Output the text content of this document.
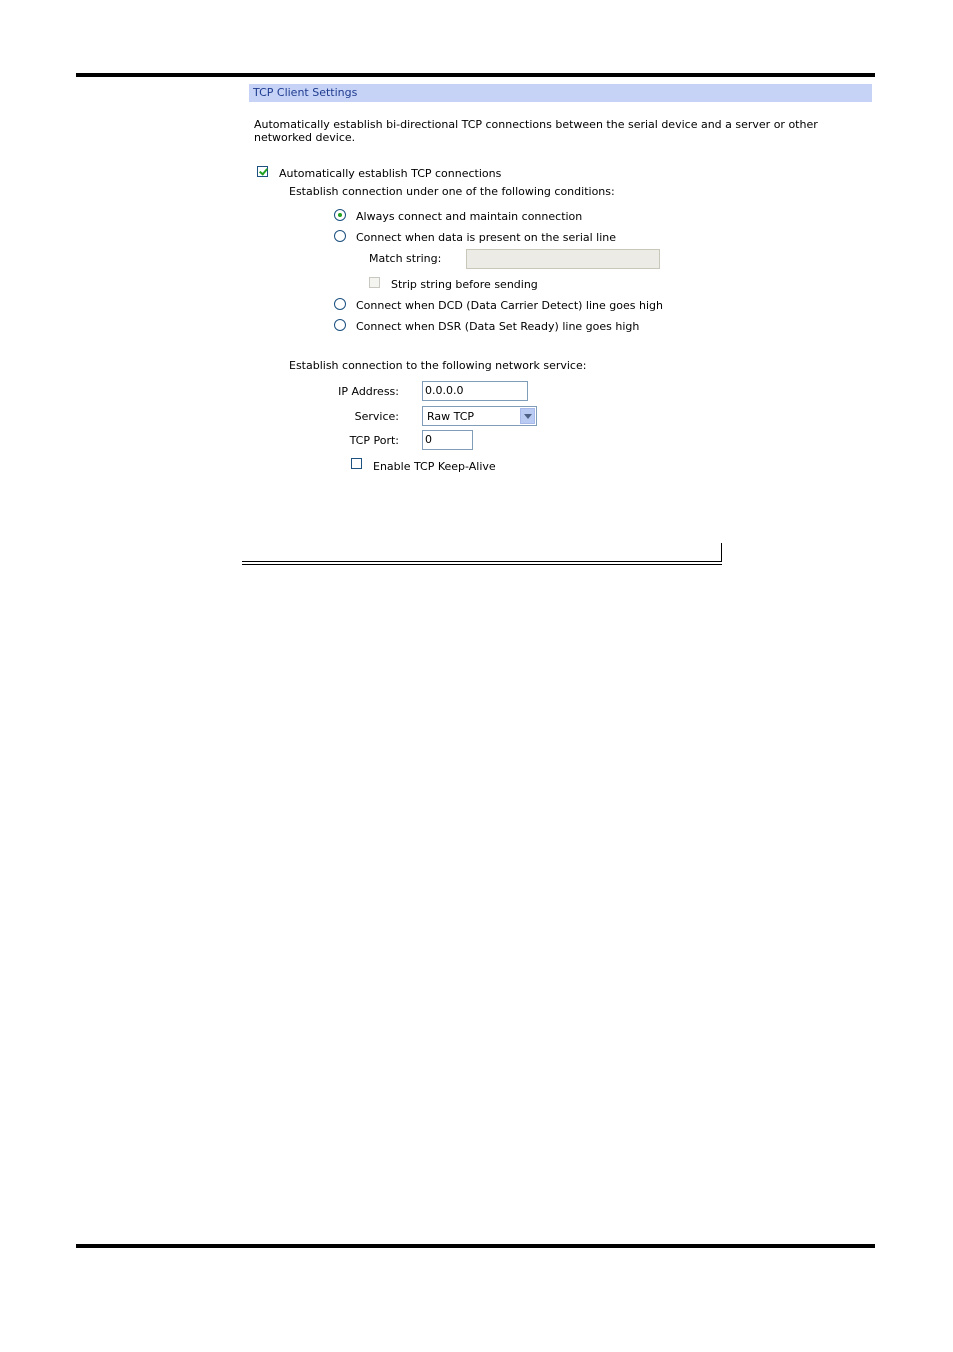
TCP Client Settings
Automatically establish bi-directional TCP connections between the serial device and a server or other networked device.
Automatically establish TCP connections
Establish connection under one of the following conditions:
Always connect and maintain connection
Connect when data is present on the serial line
Match string:
Strip string before sending
Connect when DCD (Data Carrier Detect) line goes high
Connect when DSR (Data Set Ready) line goes high
Establish connection to the following network service:
IP Address: 0.0.0.0
Service:	Raw TCP
TCP Port: 0
Enable TCP Keep-Alive
